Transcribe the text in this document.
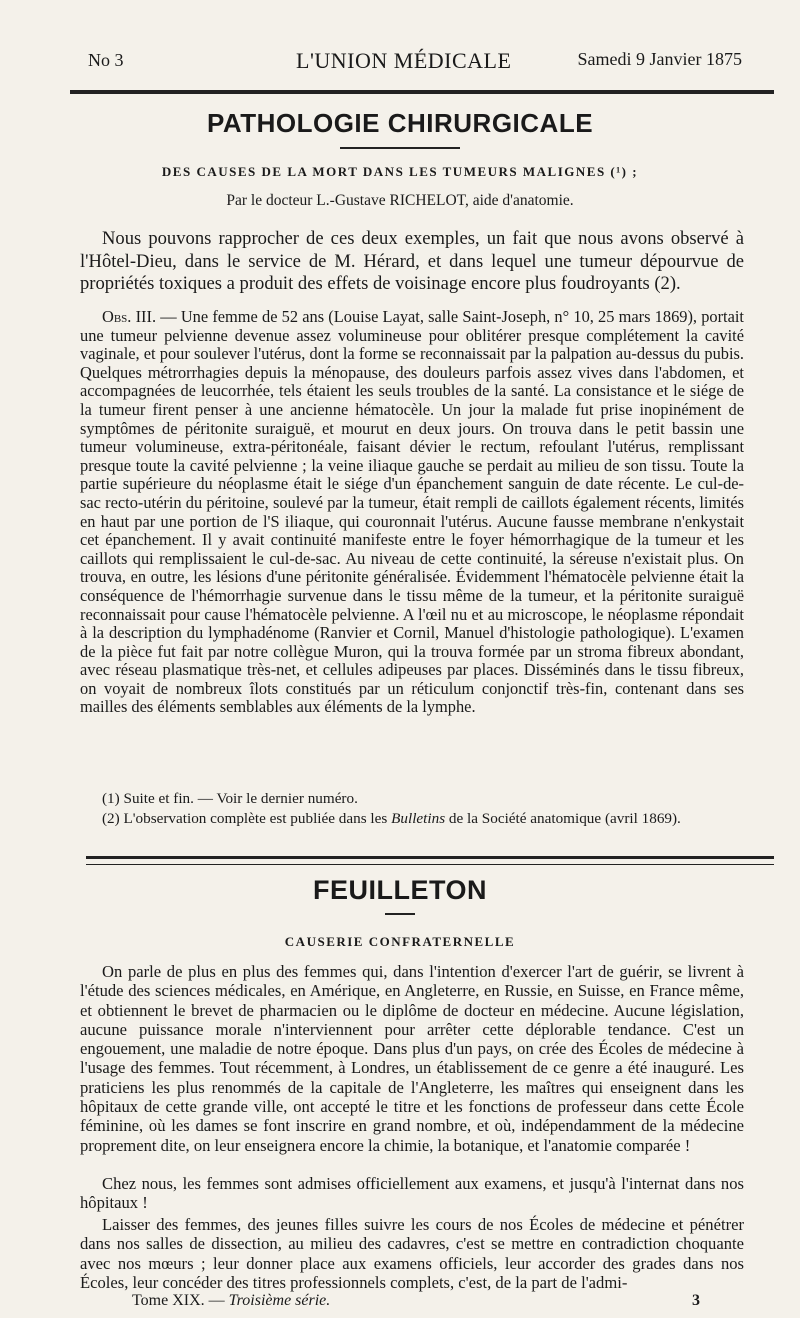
No 3	L'UNION MÉDICALE	Samedi 9 Janvier 1875
PATHOLOGIE CHIRURGICALE
DES CAUSES DE LA MORT DANS LES TUMEURS MALIGNES (¹) ;
Par le docteur L.-Gustave RICHELOT, aide d'anatomie.

Nous pouvons rapprocher de ces deux exemples, un fait que nous avons observé à l'Hôtel-Dieu, dans le service de M. Hérard, et dans lequel une tumeur dépourvue de propriétés toxiques a produit des effets de voisinage encore plus foudroyants (2).

Obs. III. — Une femme de 52 ans (Louise Layat, salle Saint-Joseph, n° 10, 25 mars 1869), portait une tumeur pelvienne devenue assez volumineuse pour oblitérer presque complétement la cavité vaginale, et pour soulever l'utérus, dont la forme se reconnaissait par la palpation au-dessus du pubis. Quelques métrorrhagies depuis la ménopause, des douleurs parfois assez vives dans l'abdomen, et accompagnées de leucorrhée, tels étaient les seuls troubles de la santé. La consistance et le siége de la tumeur firent penser à une ancienne hématocèle. Un jour la malade fut prise inopinément de symptômes de péritonite suraiguë, et mourut en deux jours. On trouva dans le petit bassin une tumeur volumineuse, extra-péritonéale, faisant dévier le rectum, refoulant l'utérus, remplissant presque toute la cavité pelvienne ; la veine iliaque gauche se perdait au milieu de son tissu. Toute la partie supérieure du néoplasme était le siége d'un épanchement sanguin de date récente. Le cul-de-sac recto-utérin du péritoine, soulevé par la tumeur, était rempli de caillots également récents, limités en haut par une portion de l'S iliaque, qui couronnait l'utérus. Aucune fausse membrane n'enkystait cet épanchement. Il y avait continuité manifeste entre le foyer hémorrhagique de la tumeur et les caillots qui remplissaient le cul-de-sac. Au niveau de cette continuité, la séreuse n'existait plus. On trouva, en outre, les lésions d'une péritonite généralisée. Évidemment l'hématocèle pelvienne était la conséquence de l'hémorrhagie survenue dans le tissu même de la tumeur, et la péritonite suraiguë reconnaissait pour cause l'hématocèle pelvienne. A l'œil nu et au microscope, le néoplasme répondait à la description du lymphadénome (Ranvier et Cornil, Manuel d'histologie pathologique). L'examen de la pièce fut fait par notre collègue Muron, qui la trouva formée par un stroma fibreux abondant, avec réseau plasmatique très-net, et cellules adipeuses par places. Disséminés dans le tissu fibreux, on voyait de nombreux îlots constitués par un réticulum conjonctif très-fin, contenant dans ses mailles des éléments semblables aux éléments de la lymphe.

(1) Suite et fin. — Voir le dernier numéro.

(2) L'observation complète est publiée dans les Bulletins de la Société anatomique (avril 1869).

FEUILLETON
CAUSERIE CONFRATERNELLE

On parle de plus en plus des femmes qui, dans l'intention d'exercer l'art de guérir, se livrent à l'étude des sciences médicales, en Amérique, en Angleterre, en Russie, en Suisse, en France même, et obtiennent le brevet de pharmacien ou le diplôme de docteur en médecine. Aucune législation, aucune puissance morale n'interviennent pour arrêter cette déplorable tendance. C'est un engouement, une maladie de notre époque. Dans plus d'un pays, on crée des Écoles de médecine à l'usage des femmes. Tout récemment, à Londres, un établissement de ce genre a été inauguré. Les praticiens les plus renommés de la capitale de l'Angleterre, les maîtres qui enseignent dans les hôpitaux de cette grande ville, ont accepté le titre et les fonctions de professeur dans cette École féminine, où les dames se font inscrire en grand nombre, et où, indépendamment de la médecine proprement dite, on leur enseignera encore la chimie, la botanique, et l'anatomie comparée !

Chez nous, les femmes sont admises officiellement aux examens, et jusqu'à l'internat dans nos hôpitaux !

Laisser des femmes, des jeunes filles suivre les cours de nos Écoles de médecine et pénétrer dans nos salles de dissection, au milieu des cadavres, c'est se mettre en contradiction choquante avec nos mœurs ; leur donner place aux examens officiels, leur accorder des grades dans nos Écoles, leur concéder des titres professionnels complets, c'est, de la part de l'admi-

Tome XIX. — Troisième série.	3
